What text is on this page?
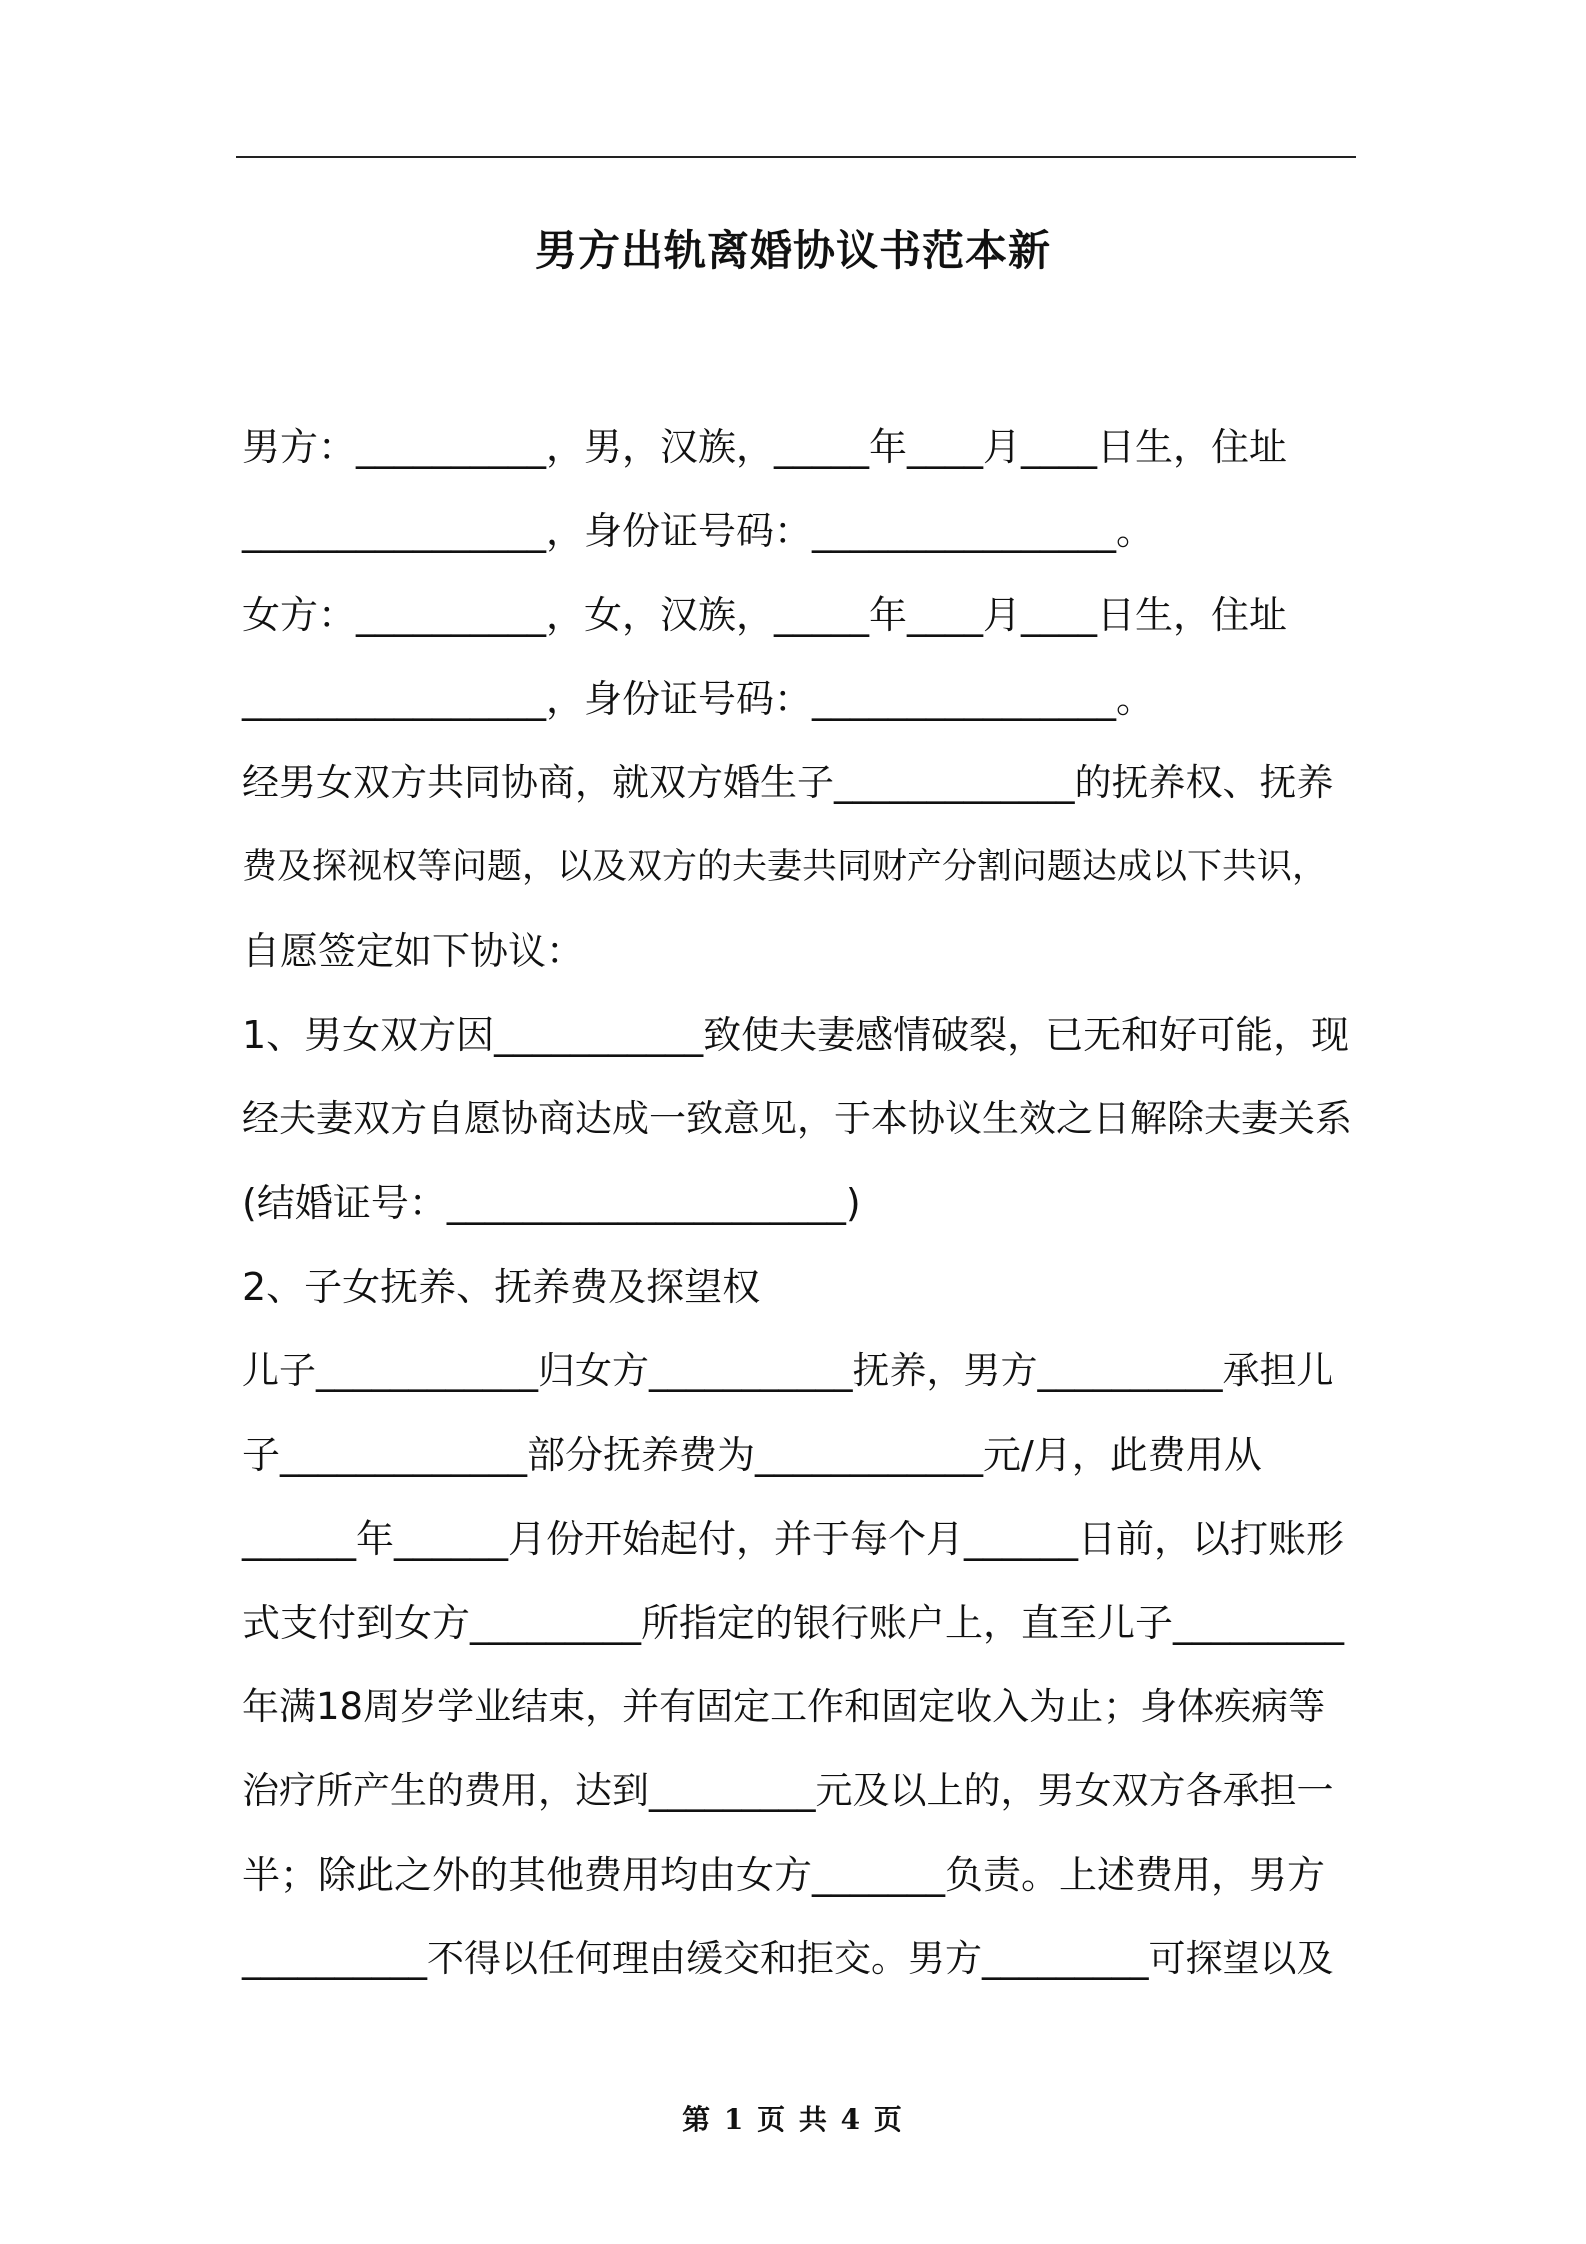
男方出轨离婚协议书范本新
男方：__________，男，汉族，_____年____月____日生，住址
________________，身份证号码：________________。
女方：__________，女，汉族，_____年____月____日生，住址
________________，身份证号码：________________。
经男女双方共同协商，就双方婚生子_____________的抚养权、抚养
费及探视权等问题，以及双方的夫妻共同财产分割问题达成以下共识，
自愿签定如下协议：
1、男女双方因___________致使夫妻感情破裂，已无和好可能，现
经夫妻双方自愿协商达成一致意见，于本协议生效之日解除夫妻关系
(结婚证号：_____________________)
2、子女抚养、抚养费及探望权
儿子____________归女方___________抚养，男方__________承担儿
子_____________部分抚养费为____________元/月，此费用从
______年______月份开始起付，并于每个月______日前，以打账形
式支付到女方_________所指定的银行账户上，直至儿子_________
年满18周岁学业结束，并有固定工作和固定收入为止；身体疾病等
治疗所产生的费用，达到_________元及以上的，男女双方各承担一
半；除此之外的其他费用均由女方_______负责。上述费用，男方
__________不得以任何理由缓交和拒交。男方_________可探望以及
第 1 页 共 4 页
